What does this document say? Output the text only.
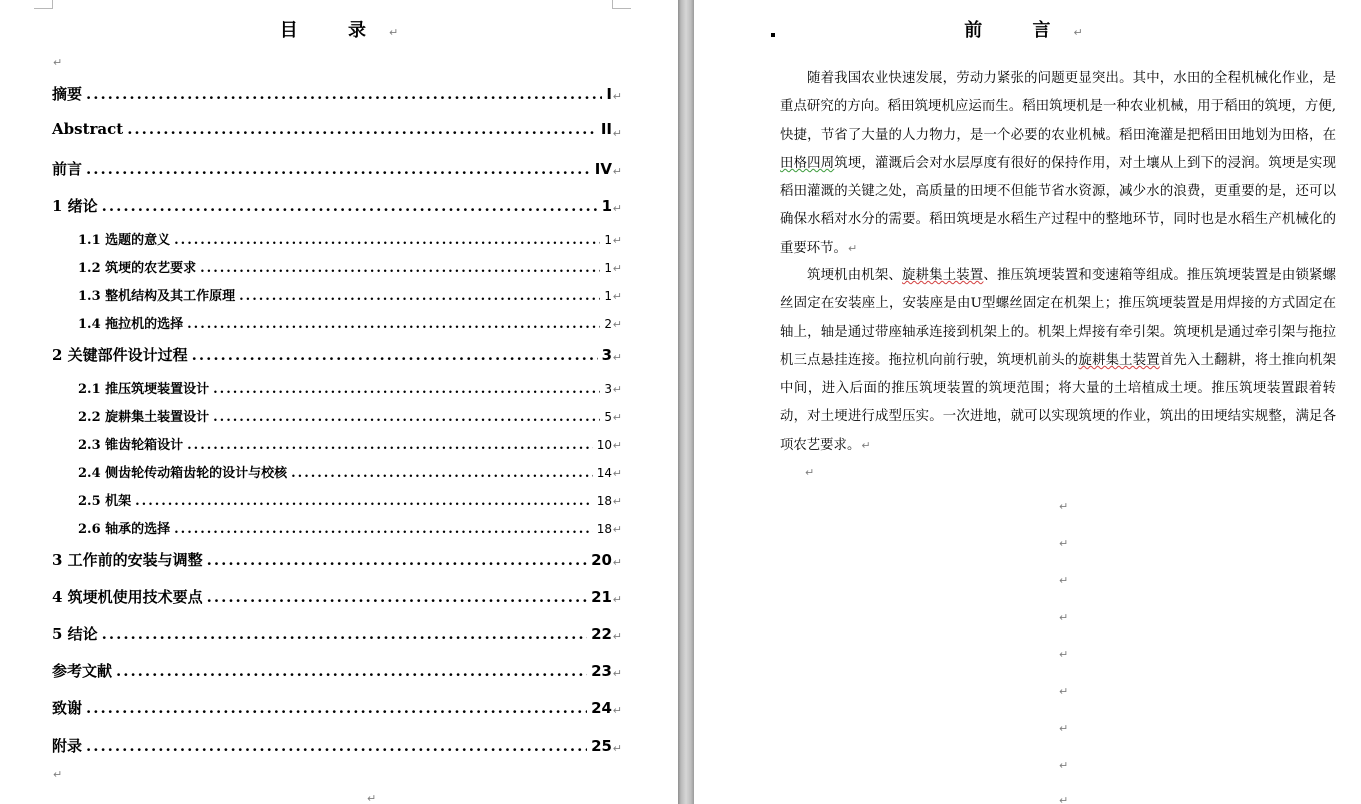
目 录↵
↵
摘要 .....	I ↵
Abstract .....	II ↵
前言 .....	IV ↵
1 绪论 .....	1 ↵
1.1 选题的意义 .....	1 ↵
1.2 筑埂的农艺要求 .....	1 ↵
1.3 整机结构及其工作原理 .....	1 ↵
1.4 拖拉机的选择 .....	2 ↵
2 关键部件设计过程 .....	3 ↵
2.1 推压筑埂装置设计 .....	3 ↵
2.2 旋耕集土装置设计 .....	5 ↵
2.3 锥齿轮箱设计 .....	10 ↵
2.4 侧齿轮传动箱齿轮的设计与校核 .....	14 ↵
2.5 机架 .....	18 ↵
2.6 轴承的选择 .....	18 ↵
3 工作前的安装与调整 .....	20 ↵
4 筑埂机使用技术要点 .....	21 ↵
5 结论 .....	22 ↵
参考文献 .....	23 ↵
致谢 .....	24 ↵
附录 .....	25 ↵
↵
↵
前 言↵

随着我国农业快速发展，劳动力紧张的问题更显突出。其中，水田的全程机械化作业，是重点研究的方向。稻田筑埂机应运而生。稻田筑埂机是一种农业机械，用于稻田的筑埂，方便,快捷，节省了大量的人力物力，是一个必要的农业机械。稻田淹灌是把稻田田地划为田格，在田格四周筑埂，灌溉后会对水层厚度有很好的保持作用，对土壤从上到下的浸润。筑埂是实现稻田灌溉的关键之处，高质量的田埂不但能节省水资源，减少水的浪费，更重要的是，还可以确保水稻对水分的需要。稻田筑埂是水稻生产过程中的整地环节，同时也是水稻生产机械化的重要环节。↵

筑埂机由机架、旋耕集土装置、推压筑埂装置和变速箱等组成。推压筑埂装置是由锁紧螺丝固定在安装座上，安装座是由U型螺丝固定在机架上；推压筑埂装置是用焊接的方式固定在轴上，轴是通过带座轴承连接到机架上的。机架上焊接有牵引架。筑埂机是通过牵引架与拖拉机三点悬挂连接。拖拉机向前行驶，筑埂机前头的旋耕集土装置首先入土翻耕，将土推向机架中间，进入后面的推压筑埂装置的筑埂范围；将大量的土培植成土埂。推压筑埂装置跟着转动，对土埂进行成型压实。一次进地，就可以实现筑埂的作业，筑出的田埂结实规整，满足各项农艺要求。↵

↵
↵
↵
↵
↵
↵
↵
↵
↵
↵
